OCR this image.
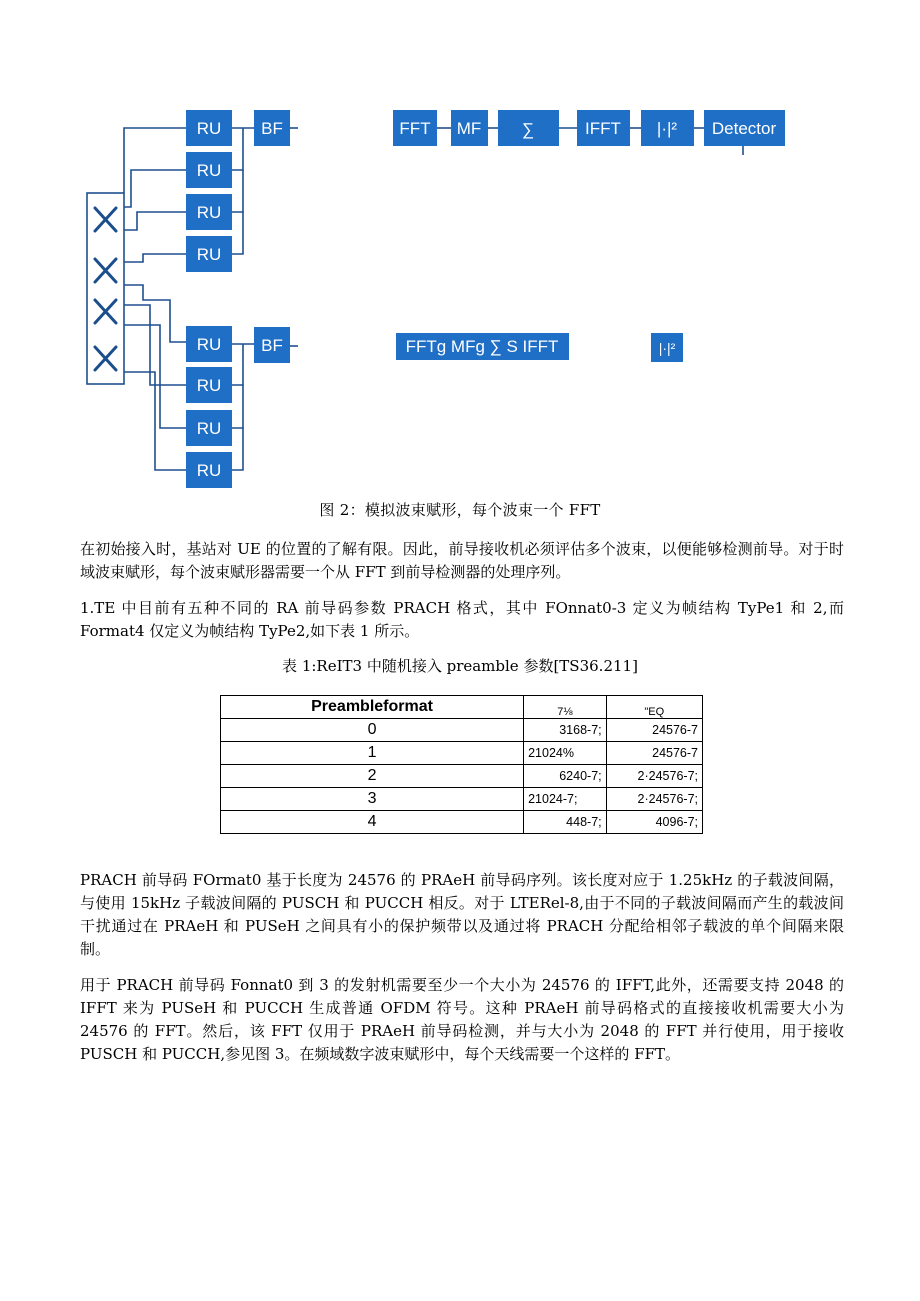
RU
RU
RU
RU
RU
RU
RU
RU
BF
BF
FFT MF ∑	IFFT |·|² Detector
FFTg MFg ∑ S IFFT	|·|²
图 2：模拟波束赋形，每个波束一个 FFT

在初始接入时，基站对 UE 的位置的了解有限。因此，前导接收机必须评估多个波束，以便能够检测前导。对于时域波束赋形，每个波束赋形器需要一个从 FFT 到前导检测器的处理序列。

1.TE 中目前有五种不同的 RA 前导码参数 PRACH 格式，其中 FOnnat0-3 定义为帧结构 TyPe1 和 2,而 Format4 仅定义为帧结构 TyPe2,如下表 1 所示。

表 1:ReIT3 中随机接入 preamble 参数[TS36.211]
Preambleformat	7⅛	"EQ
0	3168-7;	24576-7
1	21024%	24576-7
2	6240-7;	2·24576-7;
3	21024-7;	2·24576-7;
4	448-7;	4096-7;

PRACH 前导码 FOrmat0 基于长度为 24576 的 PRAeH 前导码序列。该长度对应于 1.25kHz 的子载波间隔，与使用 15kHz 子载波间隔的 PUSCH 和 PUCCH 相反。对于 LTERel-8,由于不同的子载波间隔而产生的载波间干扰通过在 PRAeH 和 PUSeH 之间具有小的保护频带以及通过将 PRACH 分配给相邻子载波的单个间隔来限制。

用于 PRACH 前导码 Fonnat0 到 3 的发射机需要至少一个大小为 24576 的 IFFT,此外，还需要支持 2048 的 IFFT 来为 PUSeH 和 PUCCH 生成普通 OFDM 符号。这种 PRAeH 前导码格式的直接接收机需要大小为 24576 的 FFT。然后，该 FFT 仅用于 PRAeH 前导码检测，并与大小为 2048 的 FFT 并行使用，用于接收 PUSCH 和 PUCCH,参见图 3。在频域数字波束赋形中，每个天线需要一个这样的 FFT。
